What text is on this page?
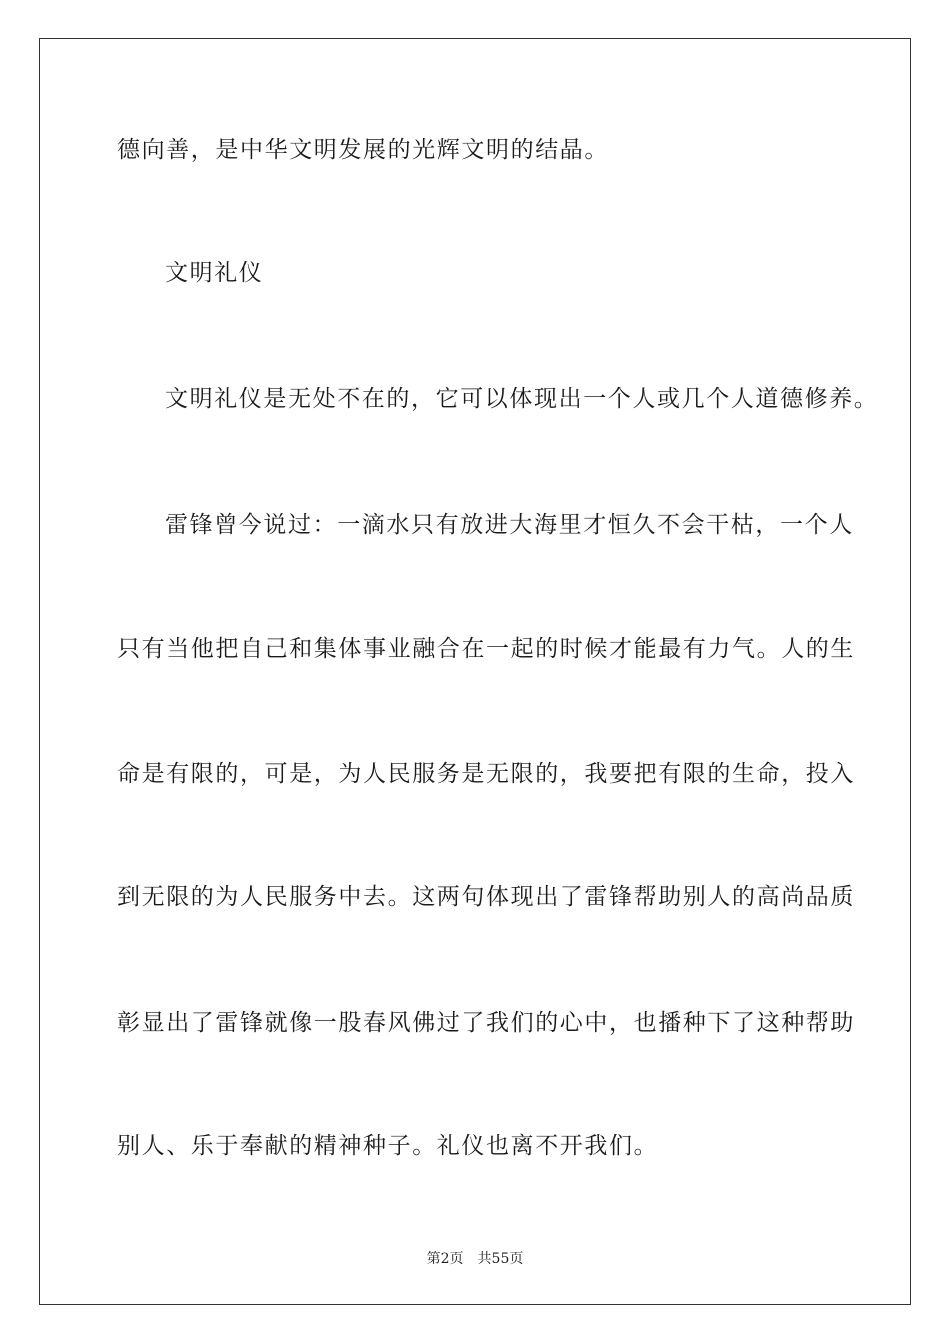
德向善，是中华文明发展的光辉文明的结晶。
文明礼仪
文明礼仪是无处不在的，它可以体现出一个人或几个人道德修养。
雷锋曾今说过：一滴水只有放进大海里才恒久不会干枯，一个人
只有当他把自己和集体事业融合在一起的时候才能最有力气。人的生
命是有限的，可是，为人民服务是无限的，我要把有限的生命，投入
到无限的为人民服务中去。这两句体现出了雷锋帮助别人的高尚品质
彰显出了雷锋就像一股春风佛过了我们的心中，也播种下了这种帮助
别人、乐于奉献的精神种子。礼仪也离不开我们。
第2页 共55页
